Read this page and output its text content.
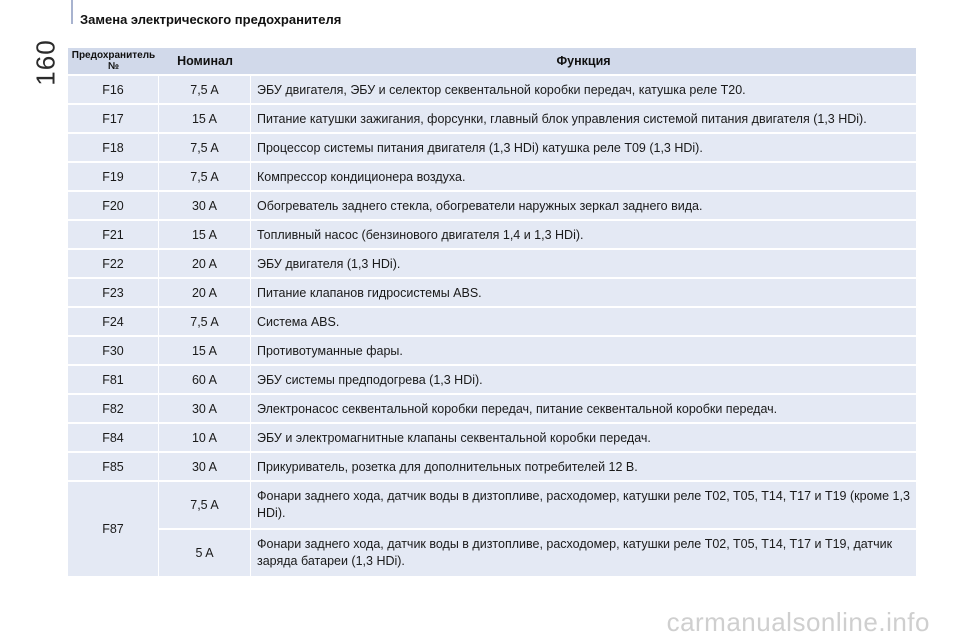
160
Замена электрического предохранителя
Предохранитель №	Номинал	Функция
F16	7,5 A	ЭБУ двигателя, ЭБУ и селектор секвентальной коробки передач, катушка реле T20.
F17	15 A	Питание катушки зажигания, форсунки, главный блок управления системой питания двигателя (1,3 HDi).
F18	7,5 A	Процессор системы питания двигателя (1,3 HDi) катушка реле T09 (1,3 HDi).
F19	7,5 A	Компрессор кондиционера воздуха.
F20	30 A	Обогреватель заднего стекла, обогреватели наружных зеркал заднего вида.
F21	15 A	Топливный насос (бензинового двигателя 1,4 и 1,3 HDi).
F22	20 A	ЭБУ двигателя (1,3 HDi).
F23	20 A	Питание клапанов гидросистемы ABS.
F24	7,5 A	Система ABS.
F30	15 A	Противотуманные фары.
F81	60 A	ЭБУ системы предподогрева (1,3 HDi).
F82	30 A	Электронасос секвентальной коробки передач, питание секвентальной коробки передач.
F84	10 A	ЭБУ и электромагнитные клапаны секвентальной коробки передач.
F85	30 A	Прикуриватель, розетка для дополнительных потребителей 12 В.
F87	7,5 A	Фонари заднего хода, датчик воды в дизтопливе, расходомер, катушки реле T02, T05, T14, T17 и T19 (кроме 1,3 HDi).
	5 A	Фонари заднего хода, датчик воды в дизтопливе, расходомер, катушки реле T02, T05, T14, T17 и T19, датчик заряда батареи (1,3 HDi).
carmanualsonline.info
